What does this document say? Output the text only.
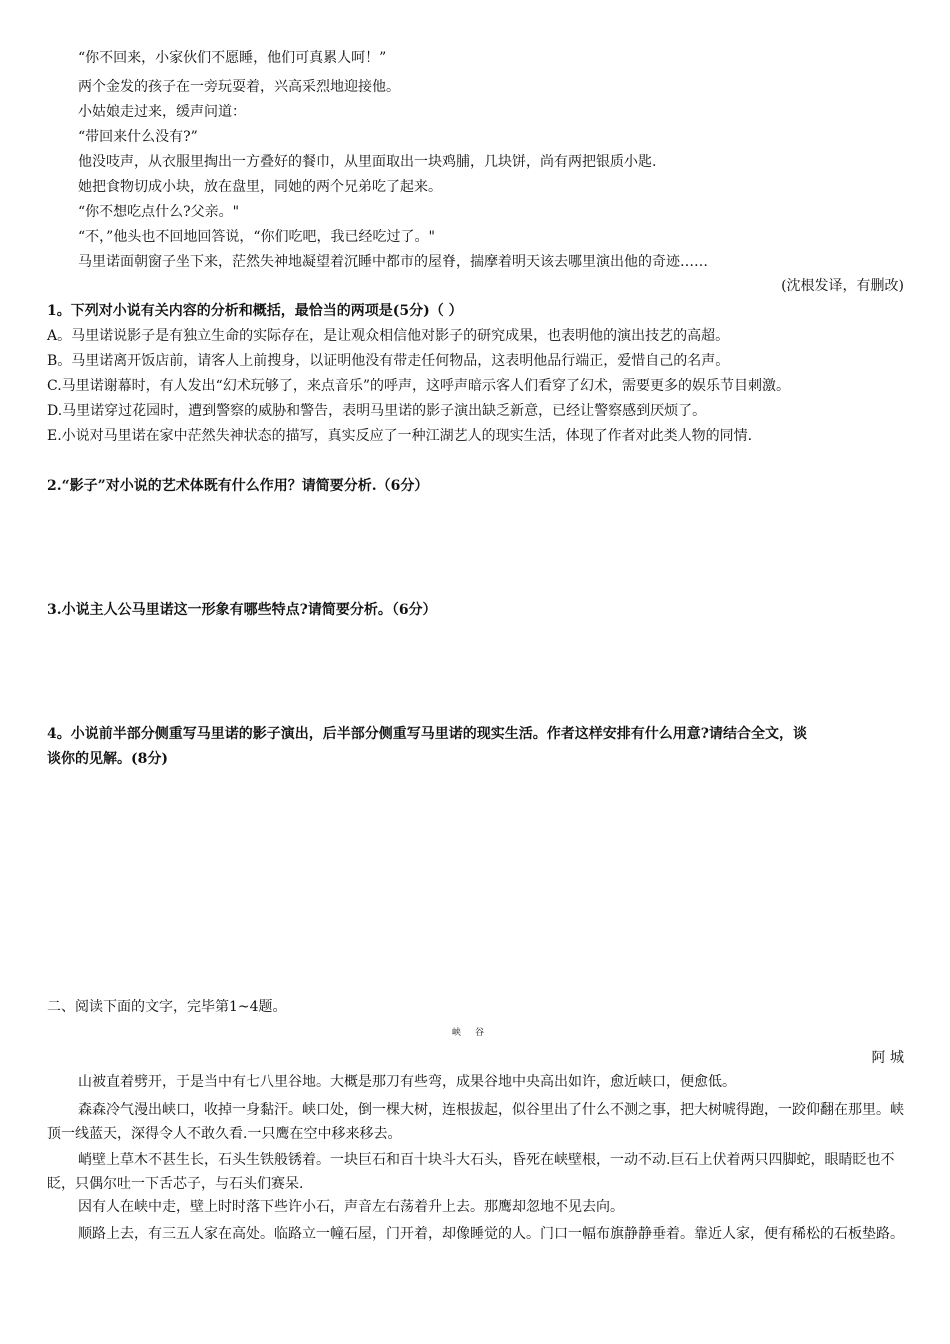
“你不回来，小家伙们不愿睡，他们可真累人呵！”
两个金发的孩子在一旁玩耍着，兴高采烈地迎接他。
小姑娘走过来，缓声问道：
“带回来什么没有?”
他没吱声，从衣服里掏出一方叠好的餐巾，从里面取出一块鸡脯，几块饼，尚有两把银质小匙.
她把食物切成小块，放在盘里，同她的两个兄弟吃了起来。
“你不想吃点什么?父亲。"
“不，”他头也不回地回答说，“你们吃吧，我已经吃过了。"
马里诺面朝窗子坐下来，茫然失神地凝望着沉睡中都市的屋脊，揣摩着明天该去哪里演出他的奇迹……
(沈根发译，有删改)
1。下列对小说有关内容的分析和概括，最恰当的两项是(5分)（ ）
A。马里诺说影子是有独立生命的实际存在，是让观众相信他对影子的研究成果，也表明他的演出技艺的高超。
B。马里诺离开饭店前，请客人上前搜身，以证明他没有带走任何物品，这表明他品行端正，爱惜自己的名声。
C.马里诺谢幕时，有人发出“幻术玩够了，来点音乐”的呼声，这呼声暗示客人们看穿了幻术，需要更多的娱乐节目刺激。
D.马里诺穿过花园时，遭到警察的威胁和警告，表明马里诺的影子演出缺乏新意，已经让警察感到厌烦了。
E.小说对马里诺在家中茫然失神状态的描写，真实反应了一种江湖艺人的现实生活，体现了作者对此类人物的同情.
2.“影子”对小说的艺术体既有什么作用？请简要分析.（6分）
3.小说主人公马里诺这一形象有哪些特点?请简要分析。（6分）
4。小说前半部分侧重写马里诺的影子演出，后半部分侧重写马里诺的现实生活。作者这样安排有什么用意?请结合全文，谈
谈你的见解。(8分)
二、阅读下面的文字，完毕第1~4题。
峡谷
阿 城
山被直着劈开，于是当中有七八里谷地。大概是那刀有些弯，成果谷地中央高出如许，愈近峡口，便愈低。
森森冷气漫出峡口，收掉一身黏汗。峡口处，倒一棵大树，连根拔起，似谷里出了什么不测之事，把大树唬得跑，一跤仰翻在那里。峡顶一线蓝天，深得令人不敢久看.一只鹰在空中移来移去。
峭壁上草木不甚生长，石头生铁般锈着。一块巨石和百十块斗大石头，昏死在峡壁根，一动不动.巨石上伏着两只四脚蛇，眼睛眨也不眨，只偶尔吐一下舌芯子，与石头们赛呆.
因有人在峡中走，壁上时时落下些许小石，声音左右荡着升上去。那鹰却忽地不见去向。
顺路上去，有三五人家在高处。临路立一幢石屋，门开着，却像睡觉的人。门口一幅布旗静静垂着。靠近人家，便有稀松的石板垫路。
